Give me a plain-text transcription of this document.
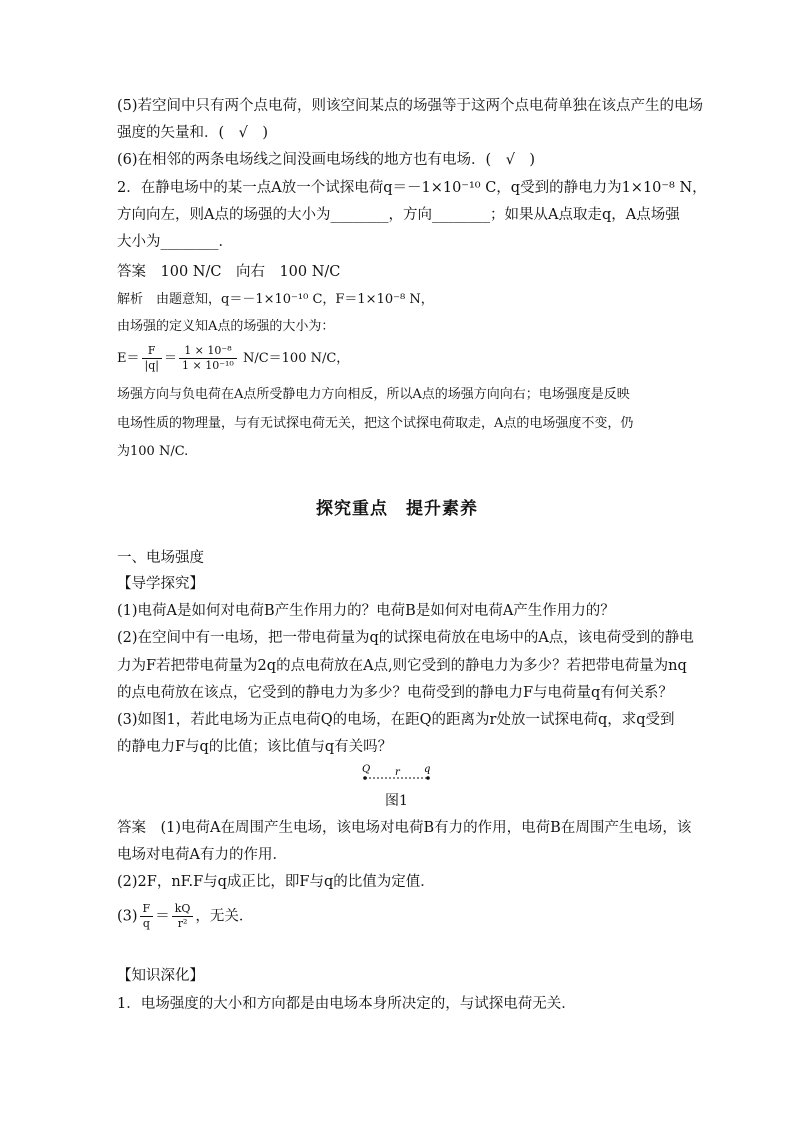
(5)若空间中只有两个点电荷，则该空间某点的场强等于这两个点电荷单独在该点产生的电场
强度的矢量和．(　√　)
(6)在相邻的两条电场线之间没画电场线的地方也有电场．(　√　)
2．在静电场中的某一点A放一个试探电荷q＝－1×10⁻¹⁰ C，q受到的静电力为1×10⁻⁸ N，
方向向左，则A点的场强的大小为________，方向________；如果从A点取走q，A点场强
大小为________．
答案　100 N/C　向右　100 N/C
解析　由题意知，q＝－1×10⁻¹⁰ C，F＝1×10⁻⁸ N，
由场强的定义知A点的场强的大小为：
$E= \frac{F}{|q|} = \frac{\text{1 × 10⁻⁸}}{\text{1 × 10⁻¹⁰}} N/C=100$ N/C，
场强方向与负电荷在A点所受静电力方向相反，所以A点的场强方向向右；电场强度是反映
电场性质的物理量，与有无试探电荷无关，把这个试探电荷取走，A点的电场强度不变，仍
为100 N/C.
探究重点　提升素养
一、电场强度
【导学探究】
(1)电荷A是如何对电荷B产生作用力的？电荷B是如何对电荷A产生作用力的？
(2)在空间中有一电场，把一带电荷量为q的试探电荷放在电场中的A点，该电荷受到的静电
力为F若把带电荷量为2q的点电荷放在A点,则它受到的静电力为多少？若把带电荷量为nq
的点电荷放在该点，它受到的静电力为多少？电荷受到的静电力F与电荷量q有何关系？
(3)如图1，若此电场为正点电荷Q的电场，在距Q的距离为r处放一试探电荷q，求q受到
的静电力F与q的比值；该比值与q有关吗？
Q r q
图1
答案　(1)电荷A在周围产生电场，该电场对电荷B有力的作用，电荷B在周围产生电场，该
电场对电荷A有力的作用．
(2)2F，nF.F与q成正比，即F与q的比值为定值．
$(3) \frac{F}{q} = \frac{kQ}{\text{r²}}$ ，无关．
【知识深化】
1．电场强度的大小和方向都是由电场本身所决定的，与试探电荷无关．
